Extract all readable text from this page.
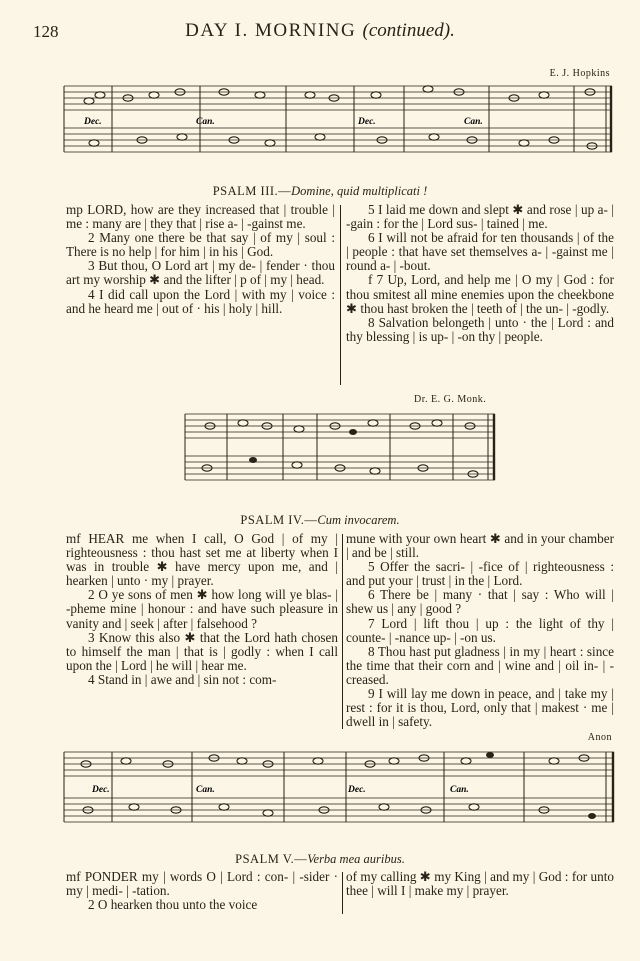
128	DAY I. MORNING (continued).
E. J. Hopkins
Dec.	Can.	Dec.	Can.
PSALM III.—Domine, quid multiplicati !

mp LORD, how are they increased that | trouble | me : many are | they that | rise a- | -gainst me.

2 Many one there be that say | of my | soul : There is no help | for him | in his | God.

3 But thou, O Lord art | my de- | fender · thou art my worship ✱ and the lifter | p of | my | head.

4 I did call upon the Lord | with my | voice : and he heard me | out of · his | holy | hill.

5 I laid me down and slept ✱ and rose | up a- | -gain : for the | Lord sus- | tained | me.

6 I will not be afraid for ten thousands | of the | people : that have set themselves a- | -gainst me | round a- | -bout.

f 7 Up, Lord, and help me | O my | God : for thou smitest all mine enemies upon the cheekbone ✱ thou hast broken the | teeth of | the un- | -godly.

8 Salvation belongeth | unto · the | Lord : and thy blessing | is up- | -on thy | people.

Dr. E. G. Monk.
PSALM IV.—Cum invocarem.

mf HEAR me when I call, O God | of my | righteousness : thou hast set me at liberty when I was in trouble ✱ have mercy upon me, and | hearken | unto · my | prayer.

2 O ye sons of men ✱ how long will ye blas- | -pheme mine | honour : and have such pleasure in vanity and | seek | after | falsehood ?

3 Know this also ✱ that the Lord hath chosen to himself the man | that is | godly : when I call upon the | Lord | he will | hear me.

4 Stand in | awe and | sin not : com-

mune with your own heart ✱ and in your chamber | and be | still.

5 Offer the sacri- | -fice of | righteousness : and put your | trust | in the | Lord.

6 There be | many · that | say : Who will | shew us | any | good ?

7 Lord | lift thou | up : the light of thy | counte- | -nance up- | -on us.

8 Thou hast put gladness | in my | heart : since the time that their corn and | wine and | oil in- | -creased.

9 I will lay me down in peace, and | take my | rest : for it is thou, Lord, only that | makest · me | dwell in | safety.

Anon
Dec.	Can.	Dec.	Can.
PSALM V.—Verba mea auribus.

mf PONDER my | words O | Lord : con- | -sider · my | medi- | -tation.

2 O hearken thou unto the voice

of my calling ✱ my King | and my | God : for unto thee | will I | make my | prayer.
